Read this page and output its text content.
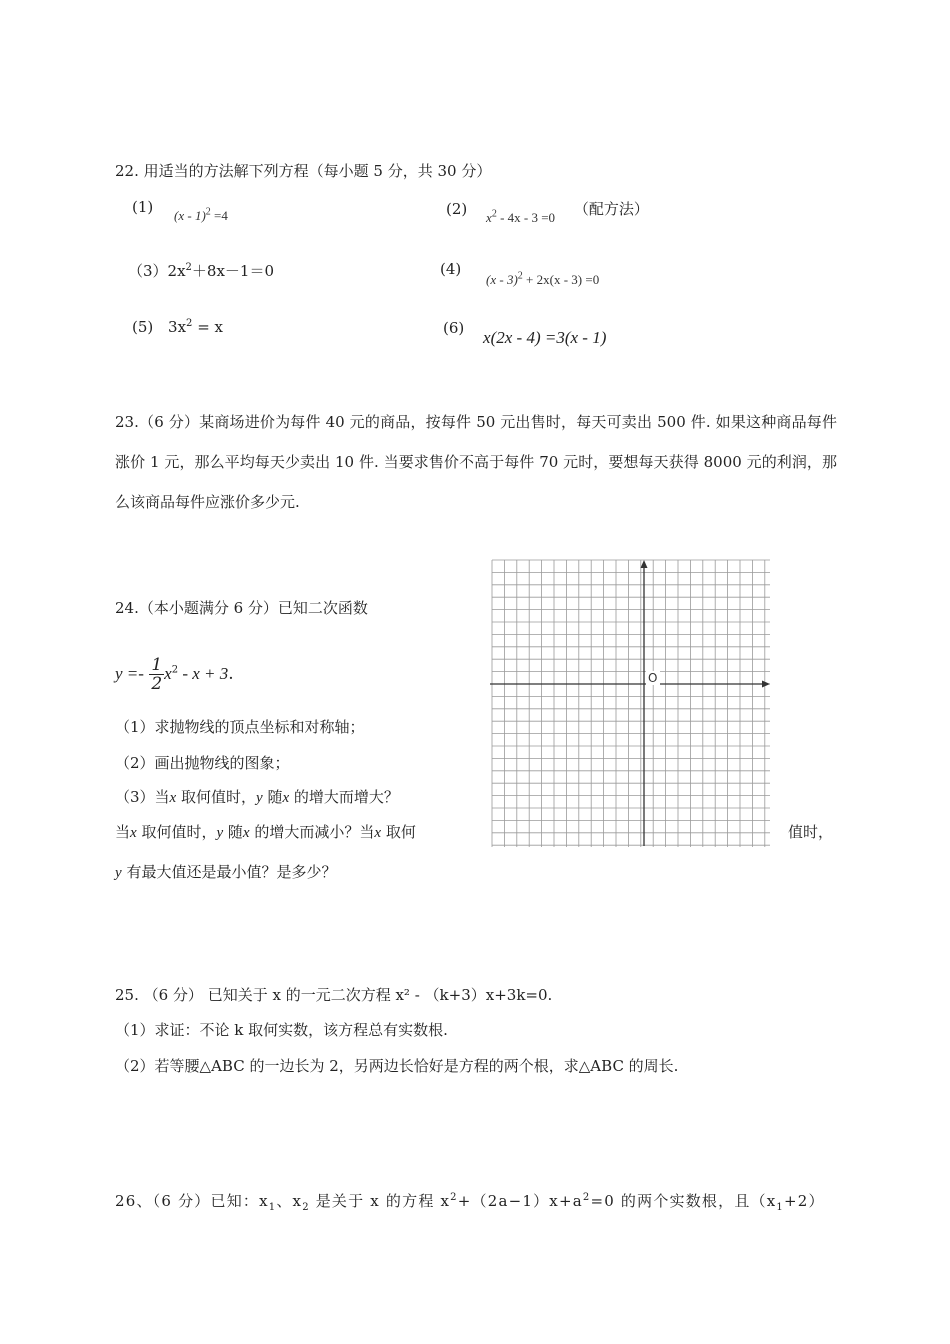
22. 用适当的方法解下列方程（每小题 5 分，共 30 分）
(1) (x - 1)$^2$ =4	(2) $x^2 - 4x - 3 =0$ （配方法）
$(3)2x^2+8x-1=0$	(4) (x - 3)$^2$ + 2x(x - 3) =0
(5) $3x^2 = x$	(6) x(2x - 4) =3(x - 1)
23.（6 分）某商场进价为每件 40 元的商品，按每件 50 元出售时，每天可卖出 500 件. 如果这种商品每件涨价 1 元，那么平均每天少卖出 10 件. 当要求售价不高于每件 70 元时，要想每天获得 8000 元的利润，那么该商品每件应涨价多少元.
24.（本小题满分 6 分）已知二次函数
$y =- \frac{1}{2} x^2 - x + 3$.
（1）求抛物线的顶点坐标和对称轴；
（2）画出抛物线的图象；
（3）当x 取何值时，y 随x 的增大而增大？
当x 取何值时，y 随x 的增大而减小？当x 取何	值时，
y 有最大值还是最小值？是多少？
O
25. （6 分） 已知关于 x 的一元二次方程 x² - （k+3）x+3k=0.
（1）求证：不论 k 取何实数，该方程总有实数根.
（2）若等腰△ABC 的一边长为 2，另两边长恰好是方程的两个根，求△ABC 的周长.
26、（6 分）已知：$x_1$、$x_2$ 是关于 x 的方程 $x^2+(2a-1)x+a^2=0$ 的两个实数根，且$(x_1+2)$
